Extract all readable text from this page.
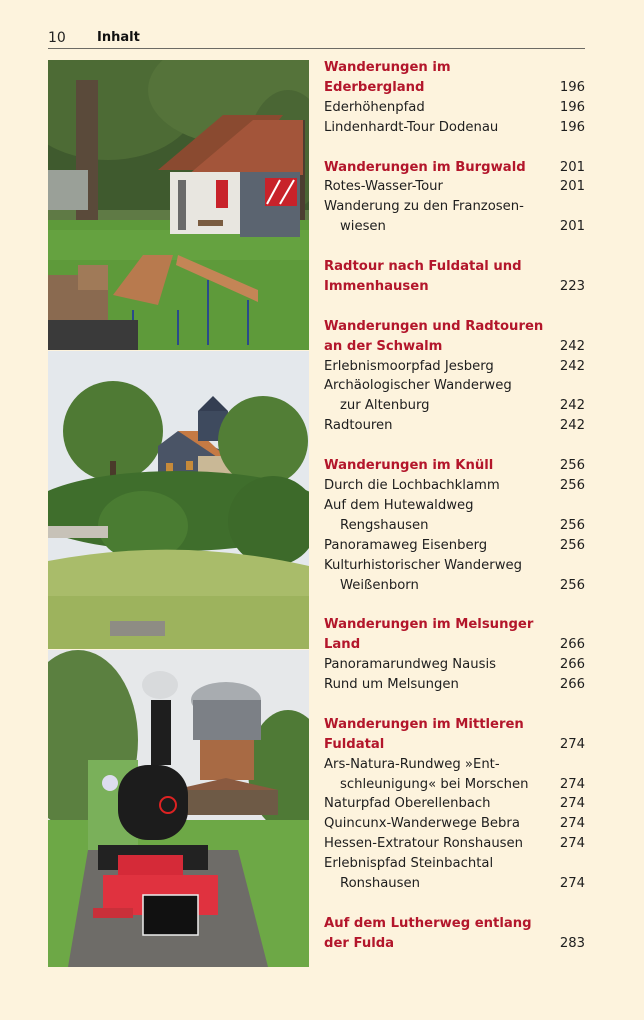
10 Inhalt
Wanderungen im Ederbergland	196
Ederhöhenpfad	196
Lindenhardt-Tour Dodenau	196
Wanderungen im Burgwald	201
Rotes-Wasser-Tour	201
Wanderung zu den Franzosen-
wiesen	201
Radtour nach Fuldatal und
Immenhausen	223
Wanderungen und Radtouren
an der Schwalm	242
Erlebnismoorpfad Jesberg	242
Archäologischer Wanderweg
zur Altenburg	242
Radtouren	242
Wanderungen im Knüll	256
Durch die Lochbachklamm	256
Auf dem Hutewaldweg
Rengshausen	256
Panoramaweg Eisenberg	256
Kulturhistorischer Wanderweg
Weißenborn	256
Wanderungen im Melsunger Land	266
Panoramarundweg Nausis	266
Rund um Melsungen	266
Wanderungen im Mittleren
Fuldatal	274
Ars-Natura-Rundweg »Ent-
schleunigung« bei Morschen	274
Naturpfad Oberellenbach	274
Quincunx-Wanderwege Bebra	274
Hessen-Extratour Ronshausen	274
Erlebnispfad Steinbachtal
Ronshausen	274
Auf dem Lutherweg entlang
der Fulda	283
